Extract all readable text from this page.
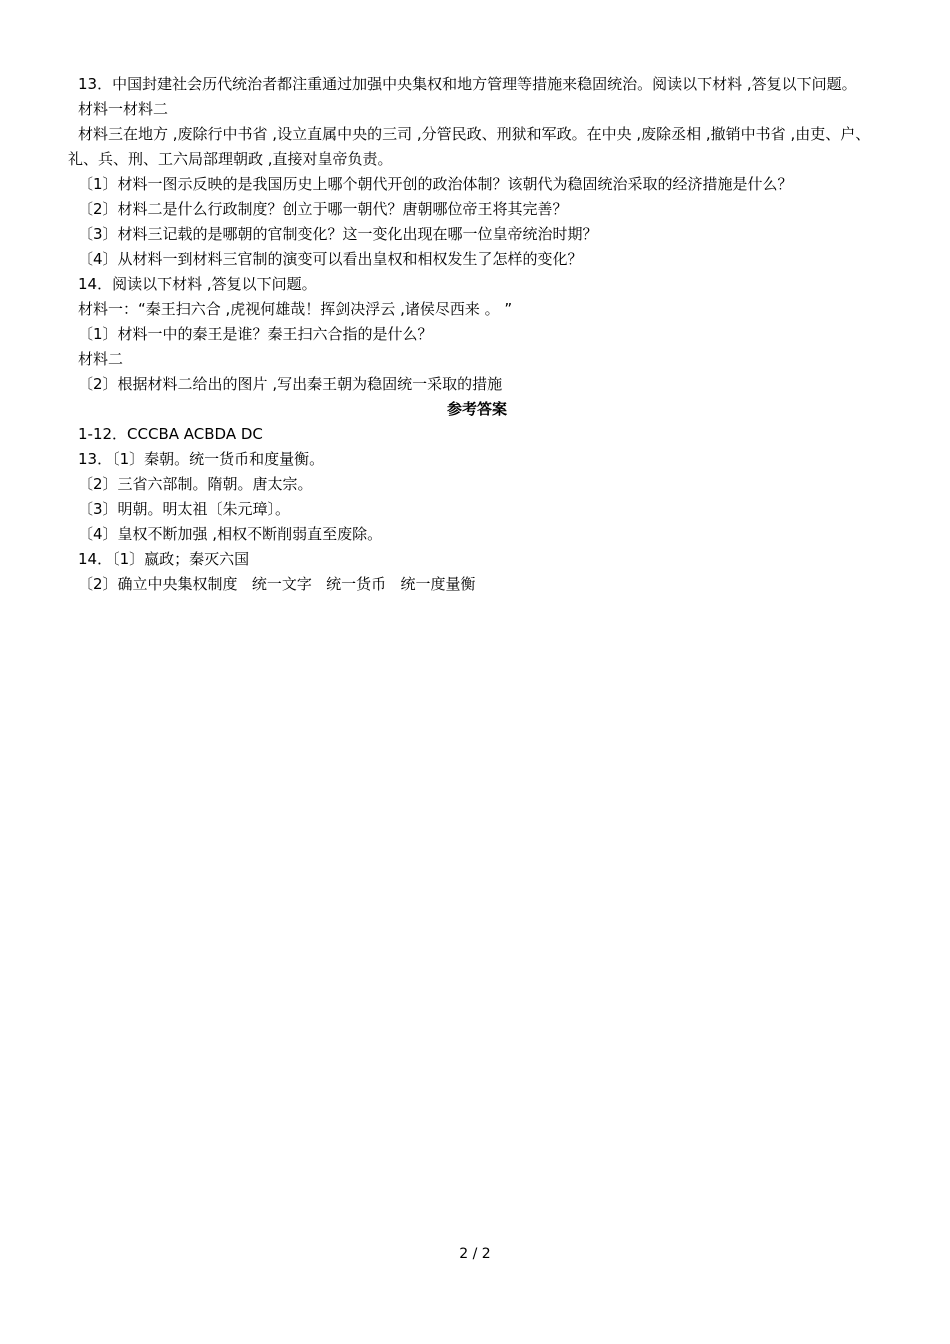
13．中国封建社会历代统治者都注重通过加强中央集权和地方管理等措施来稳固统治。阅读以下材料 ,答复以下问题。

材料一材料二

材料三在地方 ,废除行中书省 ,设立直属中央的三司 ,分管民政、刑狱和军政。在中央 ,废除丞相 ,撤销中书省 ,由吏、户、礼、兵、刑、工六局部理朝政 ,直接对皇帝负责。

〔1〕材料一图示反映的是我国历史上哪个朝代开创的政治体制？该朝代为稳固统治采取的经济措施是什么？

〔2〕材料二是什么行政制度？创立于哪一朝代？唐朝哪位帝王将其完善？

〔3〕材料三记载的是哪朝的官制变化？这一变化出现在哪一位皇帝统治时期？

〔4〕从材料一到材料三官制的演变可以看出皇权和相权发生了怎样的变化？

14．阅读以下材料 ,答复以下问题。

材料一：“秦王扫六合 ,虎视何雄哉！挥剑决浮云 ,诸侯尽西来 。 ”

〔1〕材料一中的秦王是谁？秦王扫六合指的是什么？

材料二

〔2〕根据材料二给出的图片 ,写出秦王朝为稳固统一采取的措施

参考答案

1-12．CCCBA ACBDA DC

13．〔1〕秦朝。统一货币和度量衡。

〔2〕三省六部制。隋朝。唐太宗。

〔3〕明朝。明太祖〔朱元璋〕。

〔4〕皇权不断加强 ,相权不断削弱直至废除。

14．〔1〕嬴政；秦灭六国

〔2〕确立中央集权制度   统一文字   统一货币   统一度量衡

2 / 2
